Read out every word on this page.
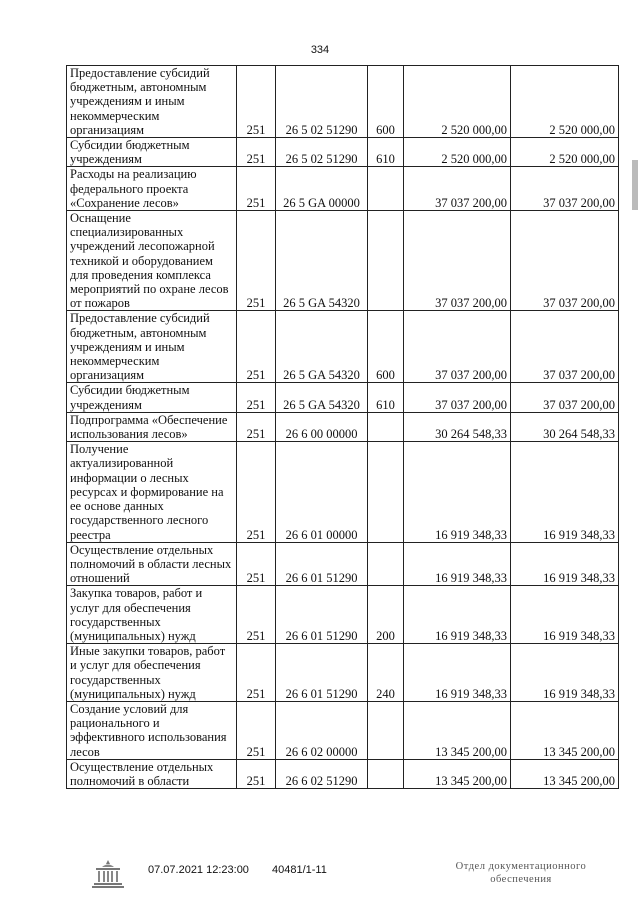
334
Предоставление субсидий бюджетным, автономным учреждениям и иным некоммерческим организациям	251	26 5 02 51290	600	2 520 000,00	2 520 000,00
Субсидии бюджетным учреждениям	251	26 5 02 51290	610	2 520 000,00	2 520 000,00
Расходы на реализацию федерального проекта «Сохранение лесов»	251	26 5 GA 00000		37 037 200,00	37 037 200,00
Оснащение специализированных учреждений лесопожарной техникой и оборудованием для проведения комплекса мероприятий по охране лесов от пожаров	251	26 5 GA 54320		37 037 200,00	37 037 200,00
Предоставление субсидий бюджетным, автономным учреждениям и иным некоммерческим организациям	251	26 5 GA 54320	600	37 037 200,00	37 037 200,00
Субсидии бюджетным учреждениям	251	26 5 GA 54320	610	37 037 200,00	37 037 200,00
Подпрограмма «Обеспечение использования лесов»	251	26 6 00 00000		30 264 548,33	30 264 548,33
Получение актуализированной информации о лесных ресурсах и формирование на ее основе данных государственного лесного реестра	251	26 6 01 00000		16 919 348,33	16 919 348,33
Осуществление отдельных полномочий в области лесных отношений	251	26 6 01 51290		16 919 348,33	16 919 348,33
Закупка товаров, работ и услуг для обеспечения государственных (муниципальных) нужд	251	26 6 01 51290	200	16 919 348,33	16 919 348,33
Иные закупки товаров, работ и услуг для обеспечения государственных (муниципальных) нужд	251	26 6 01 51290	240	16 919 348,33	16 919 348,33
Создание условий для рационального и эффективного использования лесов	251	26 6 02 00000		13 345 200,00	13 345 200,00
Осуществление отдельных полномочий в области	251	26 6 02 51290		13 345 200,00	13 345 200,00
07.07.2021 12:23:00 40481/1-11	Отдел документационного
обеспечения
